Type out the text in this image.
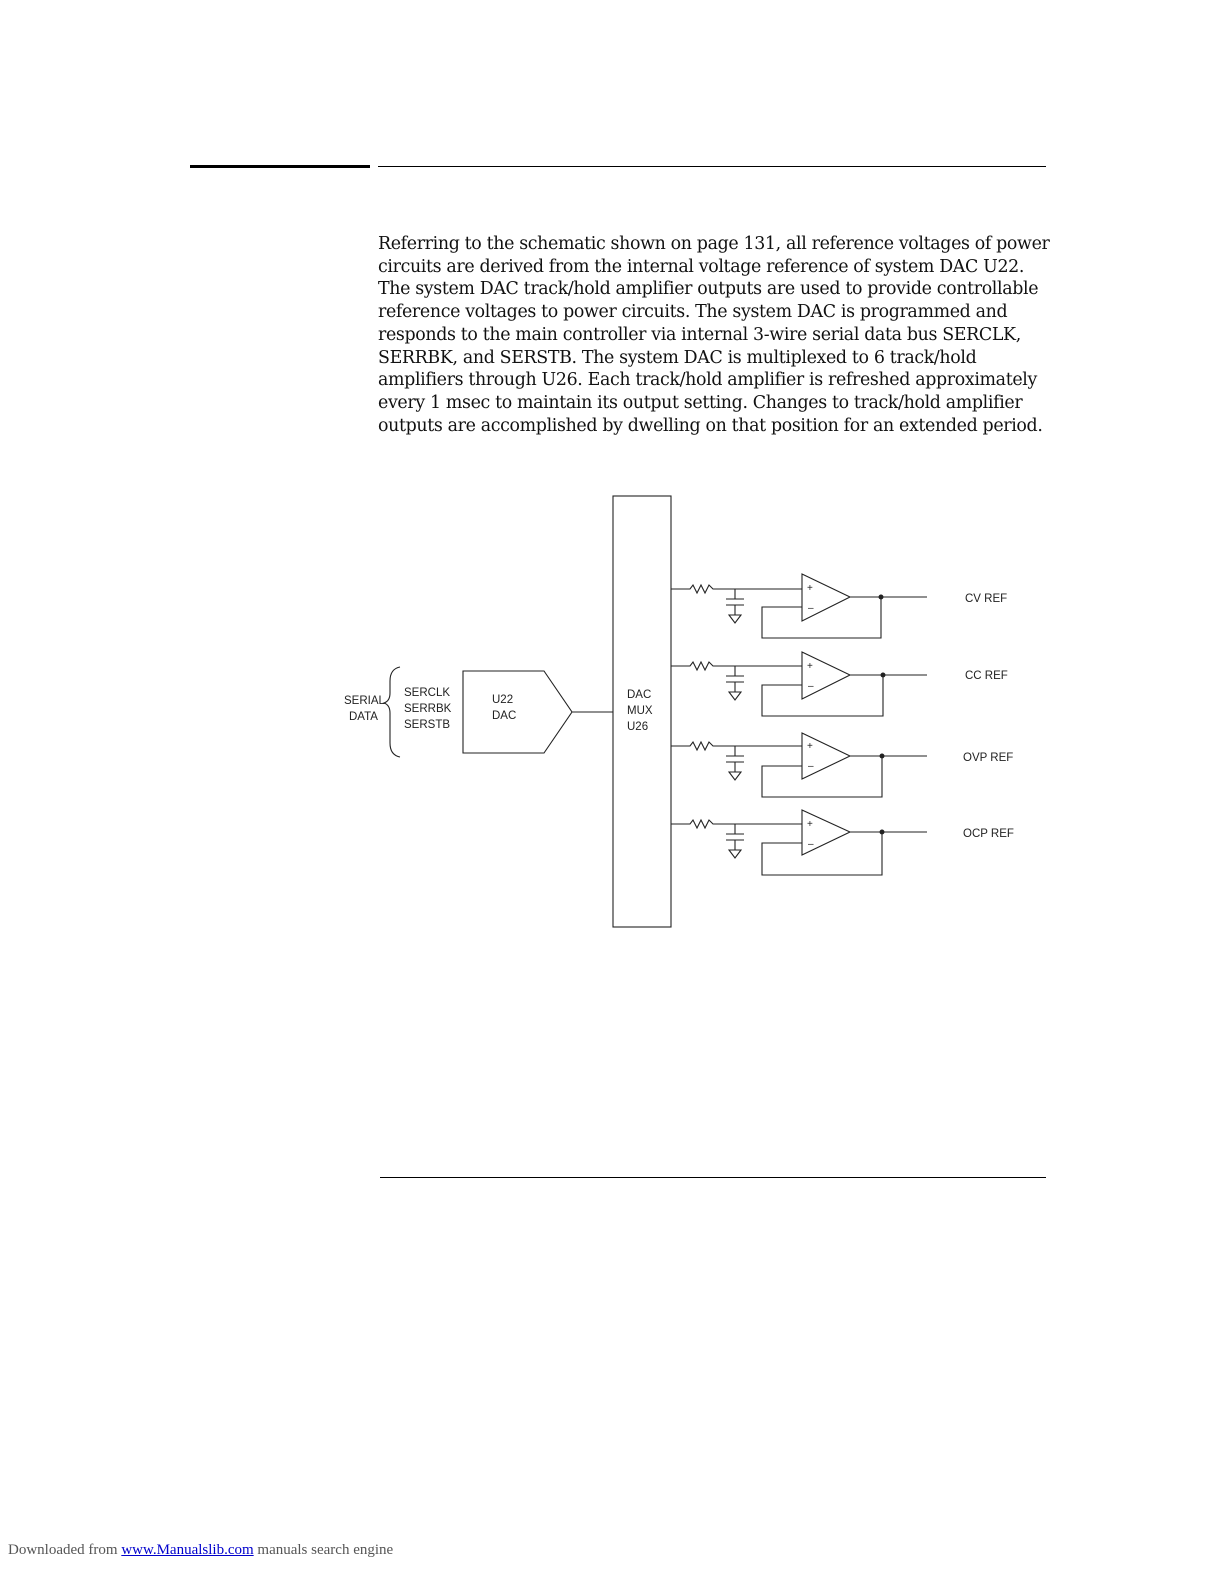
Referring to the schematic shown on page 131, all reference voltages of power
circuits are derived from the internal voltage reference of system DAC U22.
The system DAC track/hold amplifier outputs are used to provide controllable
reference voltages to power circuits. The system DAC is programmed and
responds to the main controller via internal 3-wire serial data bus SERCLK,
SERRBK, and SERSTB. The system DAC is multiplexed to 6 track/hold
amplifiers through U26. Each track/hold amplifier is refreshed approximately
every 1 msec to maintain its output setting. Changes to track/hold amplifier
outputs are accomplished by dwelling on that position for an extended period.

SERIAL
DATA
SERCLK
SERRBK
SERSTB
U22
DAC
DAC
MUX
U26
+
–
CV REF
+
–
CC REF
+
–
OVP REF
+
–
OCP REF
Downloaded from www.Manualslib.com manuals search engine
